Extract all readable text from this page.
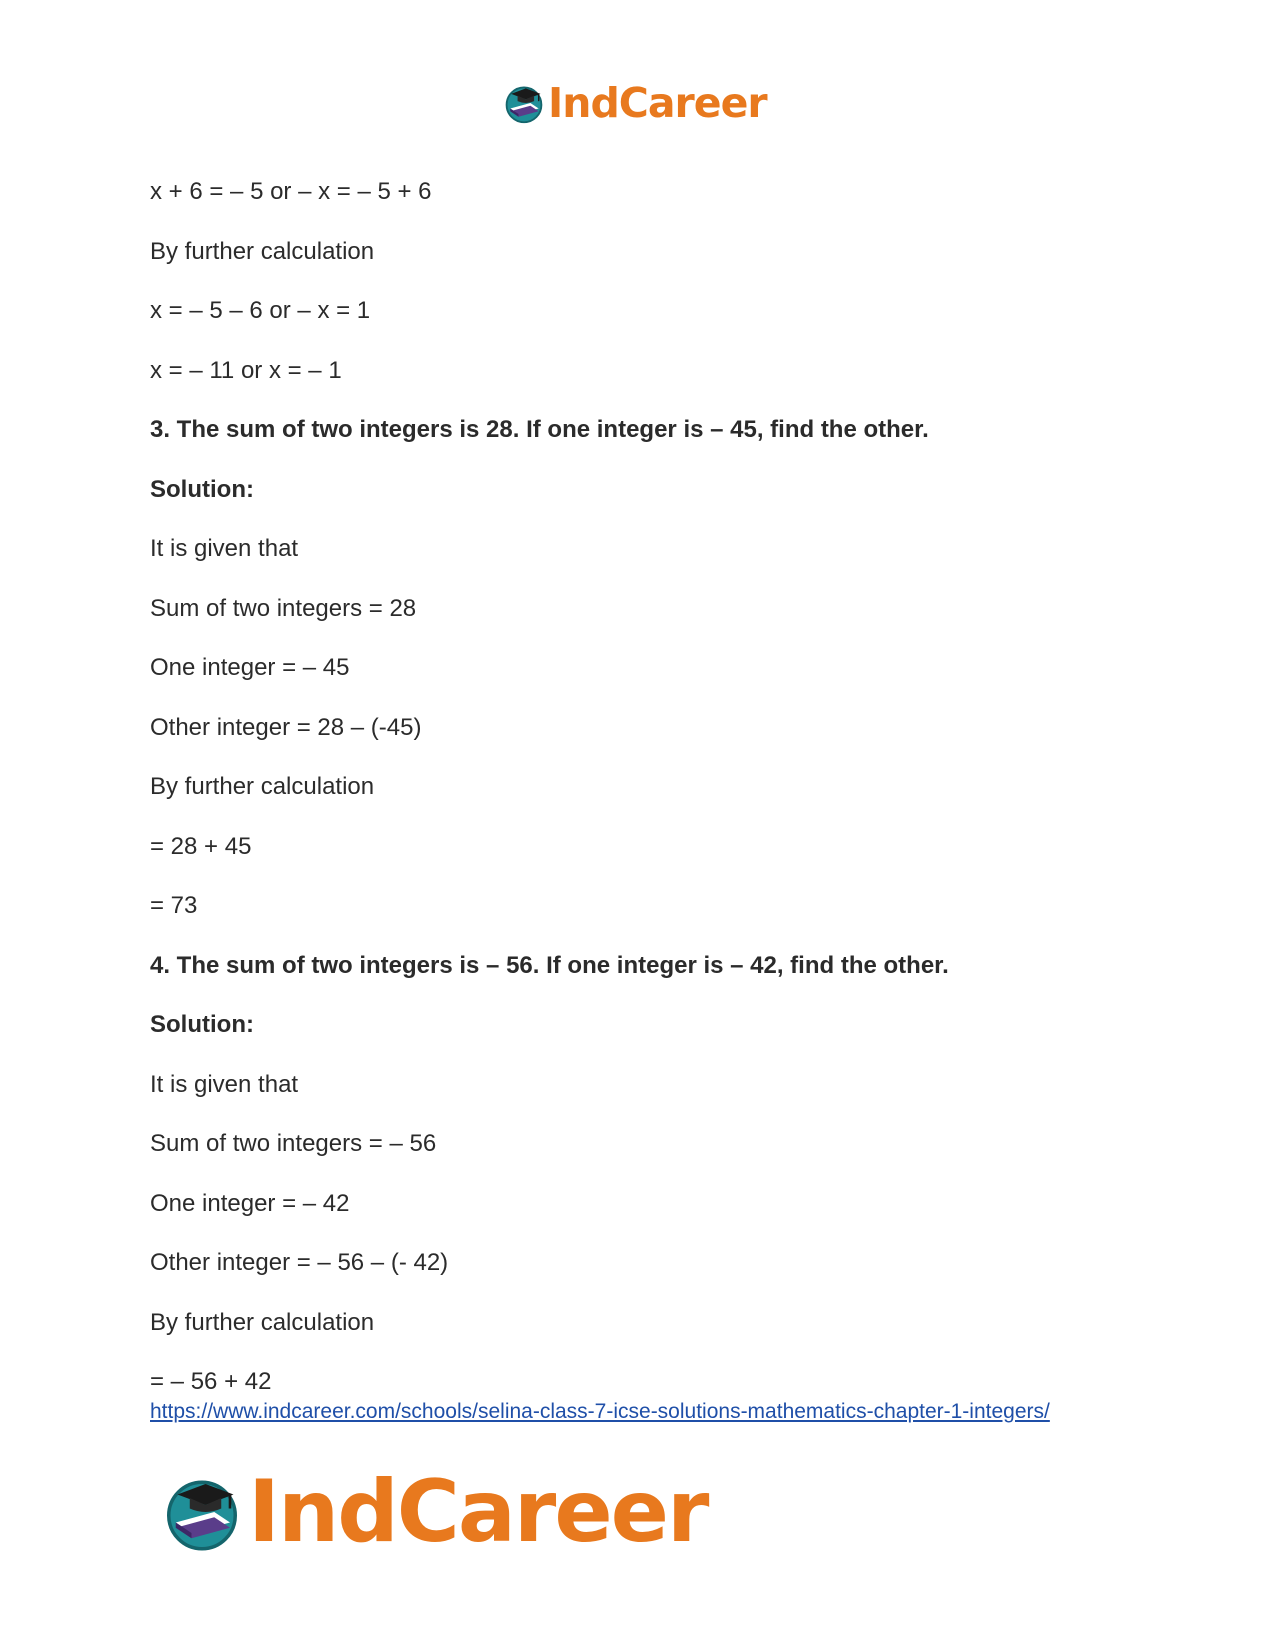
IndCareer
x + 6 = – 5 or – x = – 5 + 6
By further calculation
x = – 5 – 6 or – x = 1
x = – 11 or x = – 1
3. The sum of two integers is 28. If one integer is – 45, find the other.
Solution:
It is given that
Sum of two integers = 28
One integer = – 45
Other integer = 28 – (-45)
By further calculation
= 28 + 45
= 73
4. The sum of two integers is – 56. If one integer is – 42, find the other.
Solution:
It is given that
Sum of two integers = – 56
One integer = – 42
Other integer = – 56 – (- 42)
By further calculation
= – 56 + 42
https://www.indcareer.com/schools/selina-class-7-icse-solutions-mathematics-chapter-1-integers/
IndCareer
